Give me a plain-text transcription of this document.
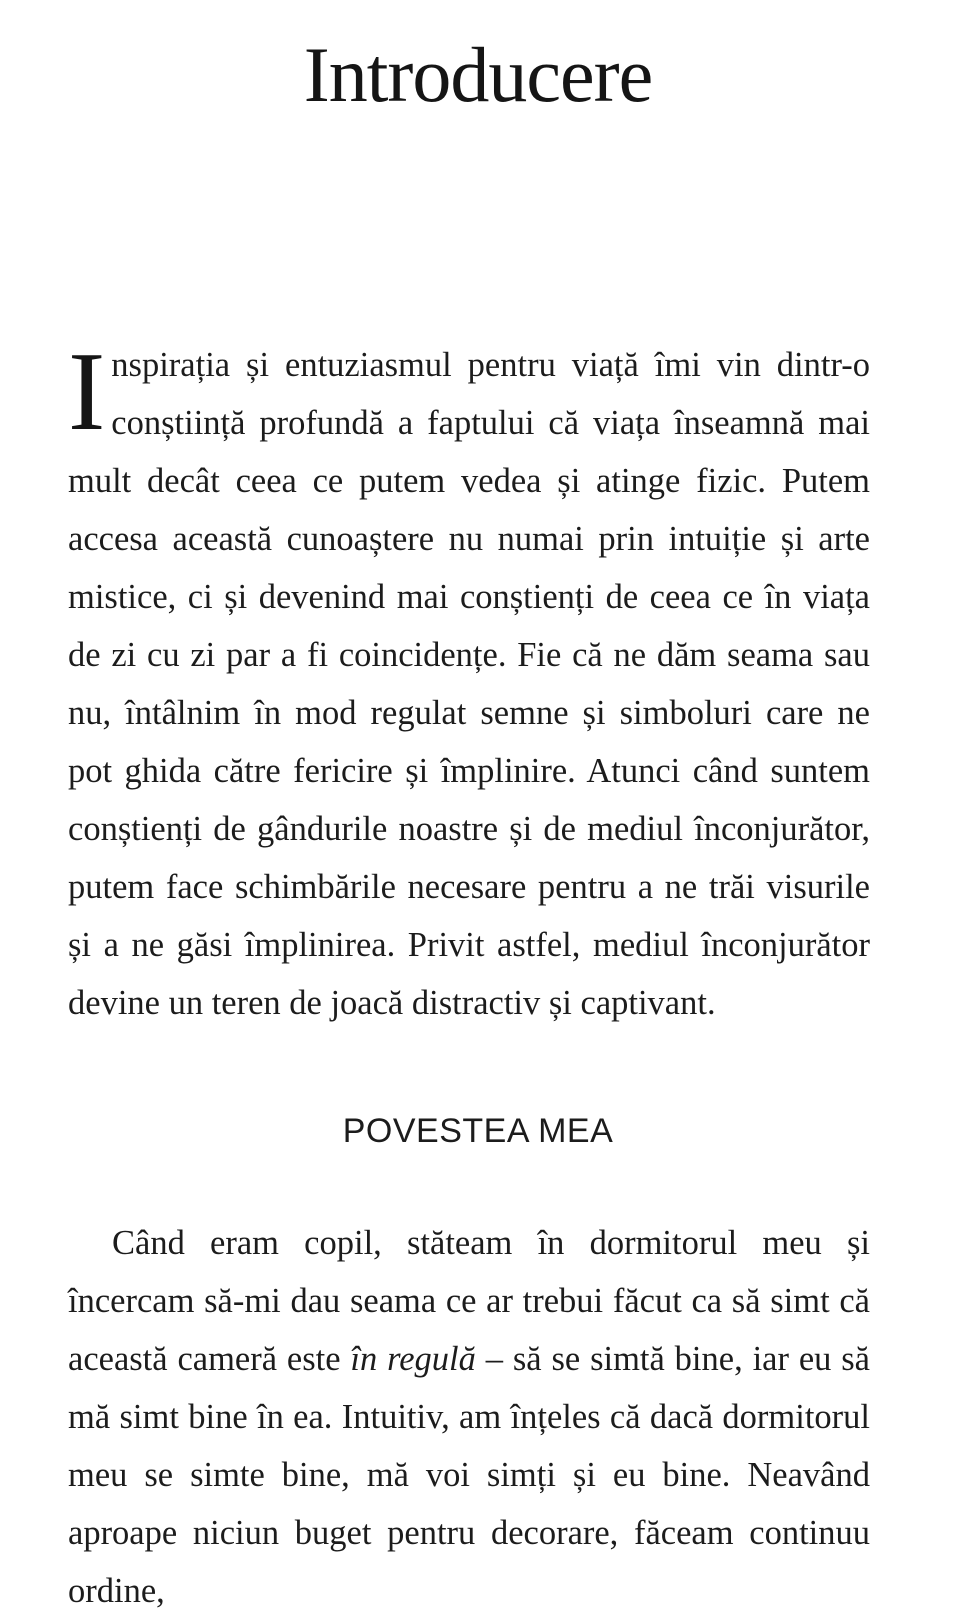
Introducere

Inspirația și entuziasmul pentru viață îmi vin dintr-o conștiință profundă a faptului că viața înseamnă mai mult decât ceea ce putem vedea și atinge fizic. Putem accesa această cunoaștere nu numai prin intuiție și arte mistice, ci și devenind mai conștienți de ceea ce în viața de zi cu zi par a fi coincidențe. Fie că ne dăm seama sau nu, întâlnim în mod regulat semne și simboluri care ne pot ghida către fericire și împlinire. Atunci când suntem conștienți de gândurile noastre și de mediul înconjurător, putem face schimbările necesare pentru a ne trăi visurile și a ne găsi împlinirea. Privit astfel, mediul înconjurător devine un teren de joacă distractiv și captivant.

POVESTEA MEA

Când eram copil, stăteam în dormitorul meu și încercam să-mi dau seama ce ar trebui făcut ca să simt că această cameră este în regulă – să se simtă bine, iar eu să mă simt bine în ea. Intuitiv, am înțeles că dacă dormitorul meu se simte bine, mă voi simți și eu bine. Neavând aproape niciun buget pentru decorare, făceam continuu ordine,
